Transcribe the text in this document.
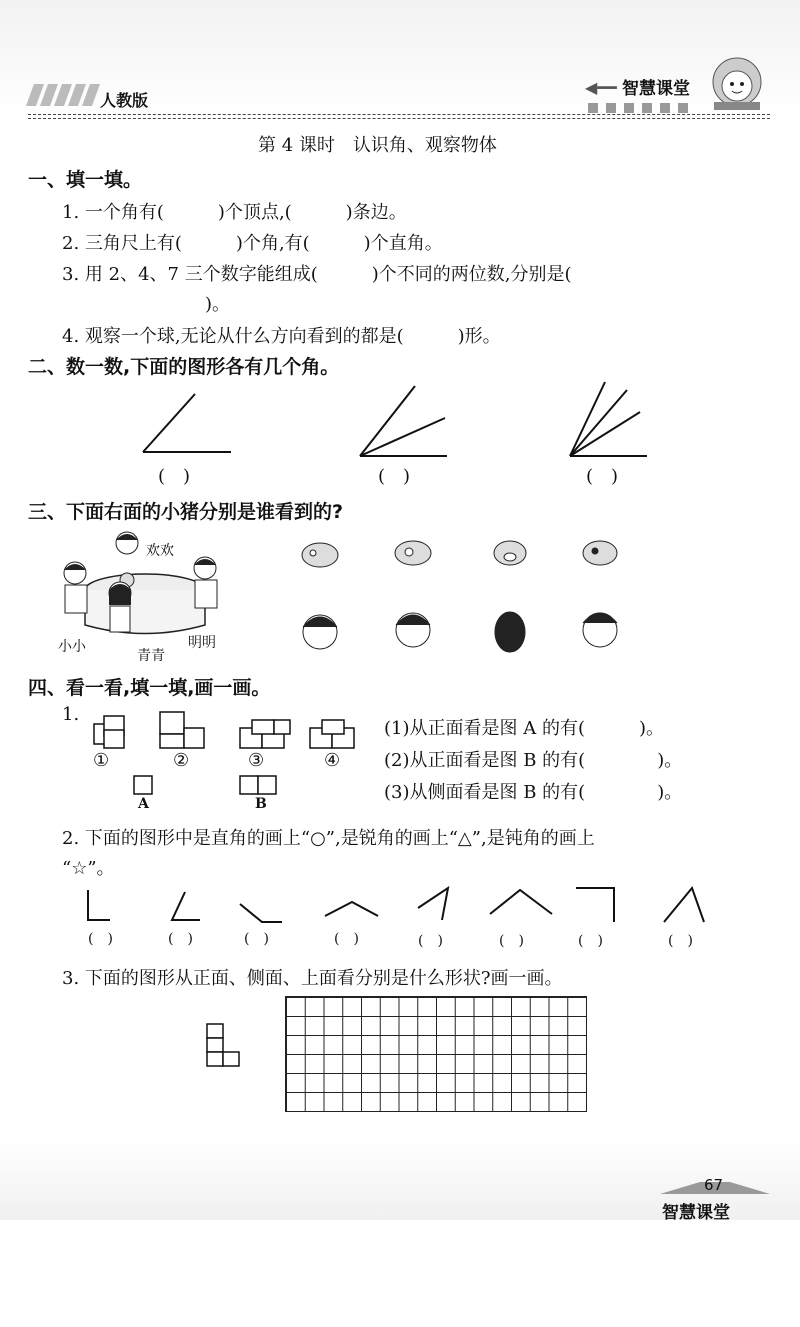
人教版
◀━━ 智慧课堂
第 4 课时　认识角、观察物体
一、填一填。
1. 一个角有(　　　)个顶点,(　　　)条边。
2. 三角尺上有(　　　)个角,有(　　　)个直角。
3. 用 2、4、7 三个数字能组成(　　　)个不同的两位数,分别是(
)。
4. 观察一个球,无论从什么方向看到的都是(　　　)形。
二、数一数,下面的图形各有几个角。
(　)	(　)	(　)
三、下面右面的小猪分别是谁看到的?
欢欢
小小
青青
明明
四、看一看,填一填,画一画。
1.
①	②	③	④
A	B
(1)从正面看是图 A 的有(　　　)。
(2)从正面看是图 B 的有(　　　　)。
(3)从侧面看是图 B 的有(　　　　)。
2. 下面的图形中是直角的画上“○”,是锐角的画上“△”,是钝角的画上
“☆”。
(　)	(　)	(　)	(　)	(　)	(　)	(　)	(　)
3. 下面的图形从正面、侧面、上面看分别是什么形状?画一画。
67
智慧课堂
